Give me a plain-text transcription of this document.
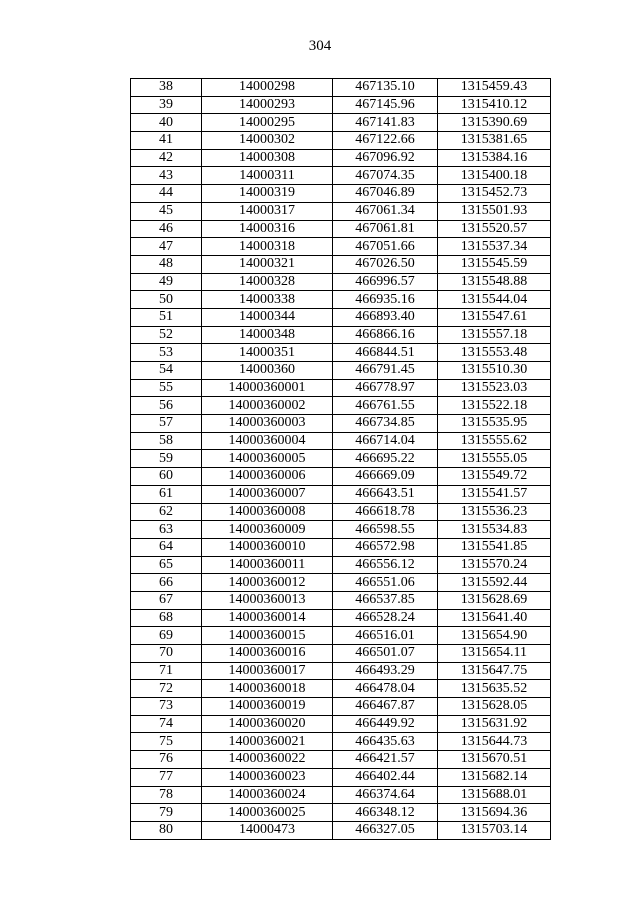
304
38	14000298	467135.10	1315459.43
39	14000293	467145.96	1315410.12
40	14000295	467141.83	1315390.69
41	14000302	467122.66	1315381.65
42	14000308	467096.92	1315384.16
43	14000311	467074.35	1315400.18
44	14000319	467046.89	1315452.73
45	14000317	467061.34	1315501.93
46	14000316	467061.81	1315520.57
47	14000318	467051.66	1315537.34
48	14000321	467026.50	1315545.59
49	14000328	466996.57	1315548.88
50	14000338	466935.16	1315544.04
51	14000344	466893.40	1315547.61
52	14000348	466866.16	1315557.18
53	14000351	466844.51	1315553.48
54	14000360	466791.45	1315510.30
55	14000360001	466778.97	1315523.03
56	14000360002	466761.55	1315522.18
57	14000360003	466734.85	1315535.95
58	14000360004	466714.04	1315555.62
59	14000360005	466695.22	1315555.05
60	14000360006	466669.09	1315549.72
61	14000360007	466643.51	1315541.57
62	14000360008	466618.78	1315536.23
63	14000360009	466598.55	1315534.83
64	14000360010	466572.98	1315541.85
65	14000360011	466556.12	1315570.24
66	14000360012	466551.06	1315592.44
67	14000360013	466537.85	1315628.69
68	14000360014	466528.24	1315641.40
69	14000360015	466516.01	1315654.90
70	14000360016	466501.07	1315654.11
71	14000360017	466493.29	1315647.75
72	14000360018	466478.04	1315635.52
73	14000360019	466467.87	1315628.05
74	14000360020	466449.92	1315631.92
75	14000360021	466435.63	1315644.73
76	14000360022	466421.57	1315670.51
77	14000360023	466402.44	1315682.14
78	14000360024	466374.64	1315688.01
79	14000360025	466348.12	1315694.36
80	14000473	466327.05	1315703.14
